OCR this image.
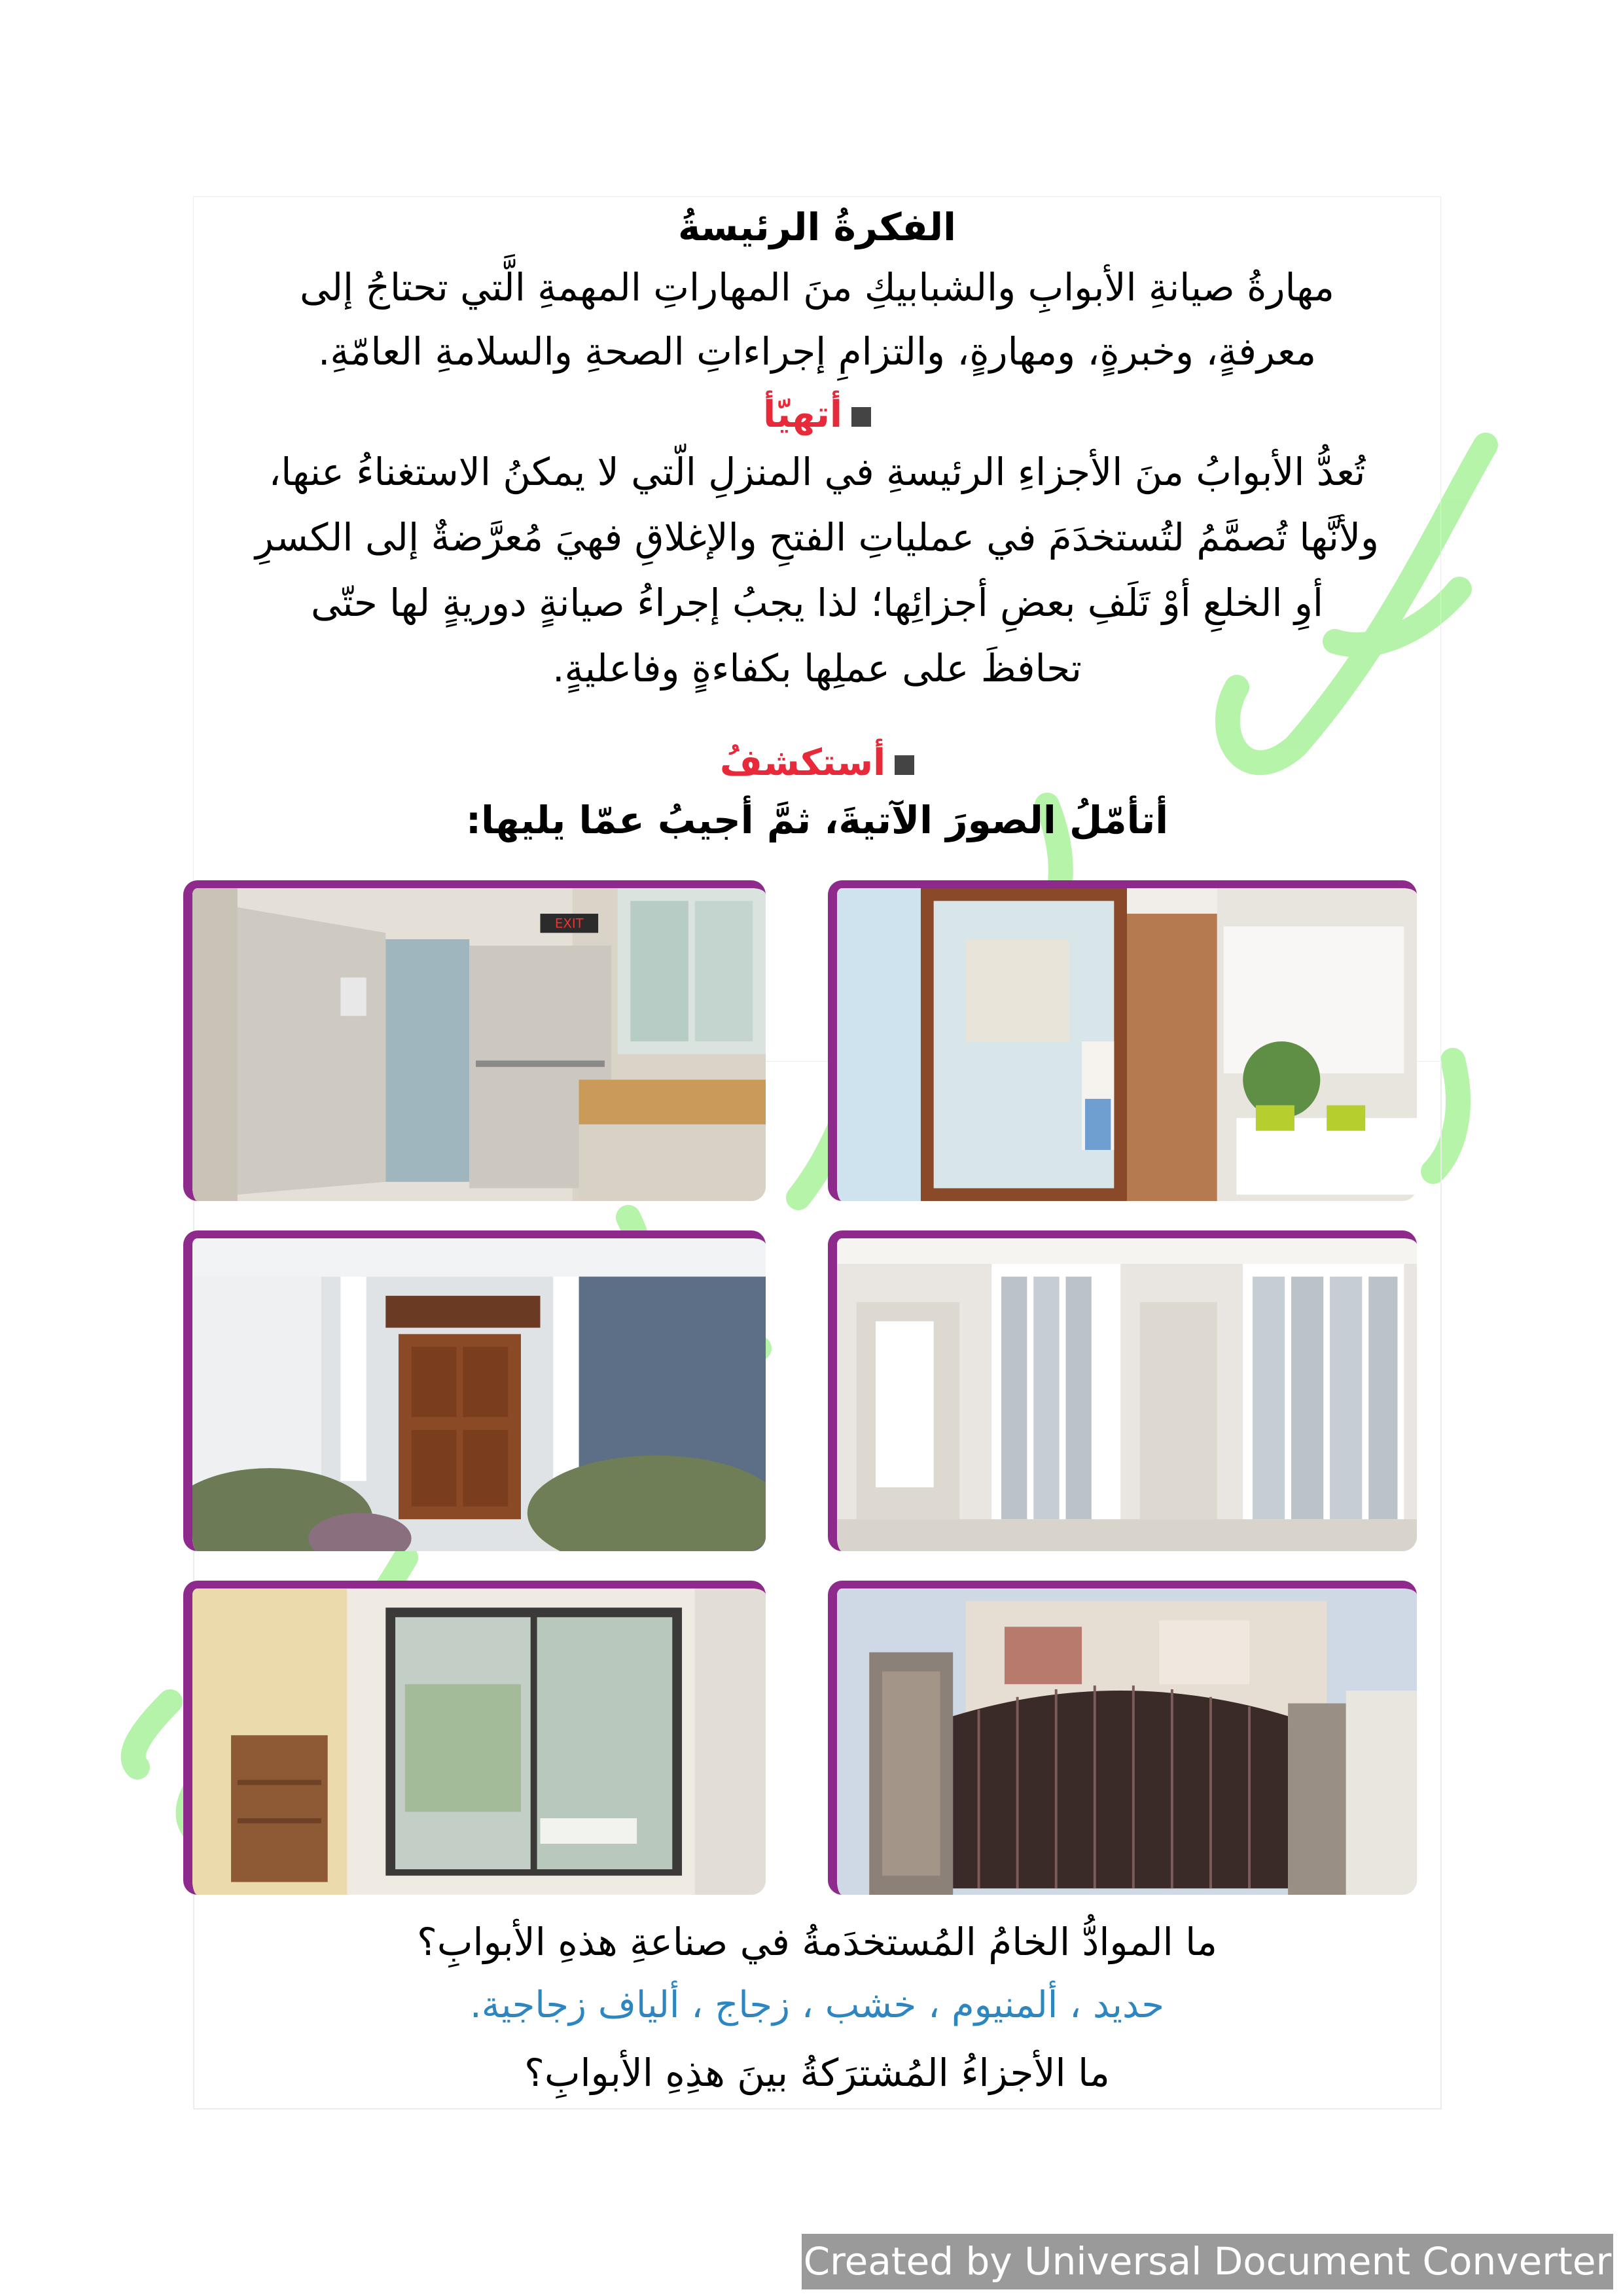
الفكرةُ الرئيسةُ
مهارةُ صيانةِ الأبوابِ والشبابيكِ منَ المهاراتِ المهمةِ الَّتي تحتاجُ إلى
معرفةٍ، وخبرةٍ، ومهارةٍ، والتزامِ إجراءاتِ الصحةِ والسلامةِ العامّةِ.
أتهيّأ
تُعدُّ الأبوابُ منَ الأجزاءِ الرئيسةِ في المنزلِ الّتي لا يمكنُ الاستغناءُ عنها،
ولأنَّها تُصمَّمُ لتُستخدَمَ في عملياتِ الفتحِ والإغلاقِ فهيَ مُعرَّضةٌ إلى الكسرِ
أوِ الخلعِ أوْ تَلَفِ بعضِ أجزائِها؛ لذا يجبُ إجراءُ صيانةٍ دوريةٍ لها حتّى
تحافظَ على عملِها بكفاءةٍ وفاعليةٍ.
أستكشفُ
أتأمّلُ الصورَ الآتيةَ، ثمَّ أجيبُ عمّا يليها:
ما الموادُّ الخامُ المُستخدَمةُ في صناعةِ هذهِ الأبوابِ؟
حديد ، ألمنيوم ، خشب ، زجاج ، ألياف زجاجية.
ما الأجزاءُ المُشترَكةُ بينَ هذِهِ الأبوابِ؟
EXIT
Created by Universal Document Converter
